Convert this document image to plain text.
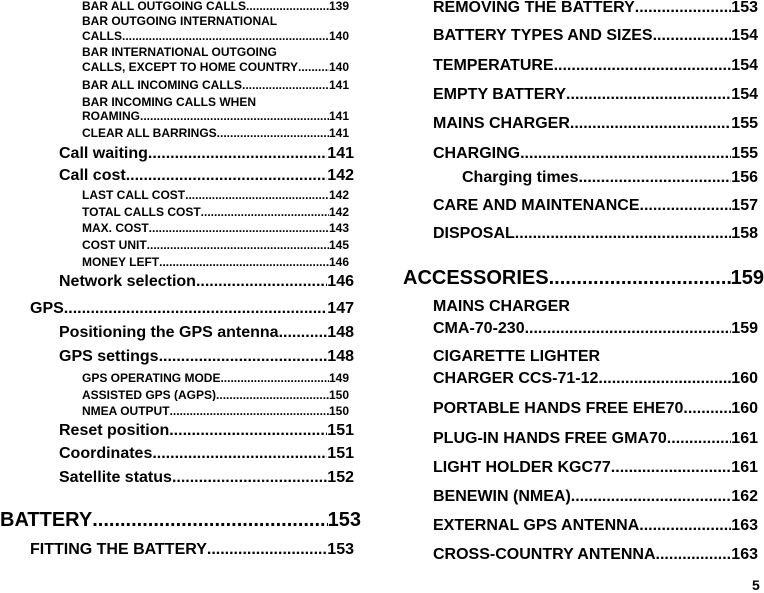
BAR ALL OUTGOING CALLS .....	139
BAR OUTGOING INTERNATIONAL
CALLS .....	140
BAR INTERNATIONAL OUTGOING
CALLS, EXCEPT TO HOME COUNTRY .....	140
BAR ALL INCOMING CALLS .....	141
BAR INCOMING CALLS WHEN
ROAMING .....	141
CLEAR ALL BARRINGS .....	141
Call waiting .....	141
Call cost .....	142
LAST CALL COST .....	142
TOTAL CALLS COST .....	142
MAX. COST .....	143
COST UNIT .....	145
MONEY LEFT .....	146
Network selection .....	146
GPS .....	147
Positioning the GPS antenna .....	148
GPS settings .....	148
GPS OPERATING MODE .....	149
ASSISTED GPS (AGPS) .....	150
NMEA OUTPUT .....	150
Reset position .....	151
Coordinates .....	151
Satellite status .....	152
BATTERY .....	153
FITTING THE BATTERY .....	153
REMOVING THE BATTERY .....	153
BATTERY TYPES AND SIZES .....	154
TEMPERATURE .....	154
EMPTY BATTERY .....	154
MAINS CHARGER .....	155
CHARGING .....	155
Charging times .....	156
CARE AND MAINTENANCE .....	157
DISPOSAL .....	158
ACCESSORIES .....	159
MAINS CHARGER
CMA-70-230 .....	159
CIGARETTE LIGHTER
CHARGER CCS-71-12 .....	160
PORTABLE HANDS FREE EHE70 .....	160
PLUG-IN HANDS FREE GMA70 .....	161
LIGHT HOLDER KGC77 .....	161
BENEWIN (NMEA) .....	162
EXTERNAL GPS ANTENNA .....	163
CROSS-COUNTRY ANTENNA .....	163
5
